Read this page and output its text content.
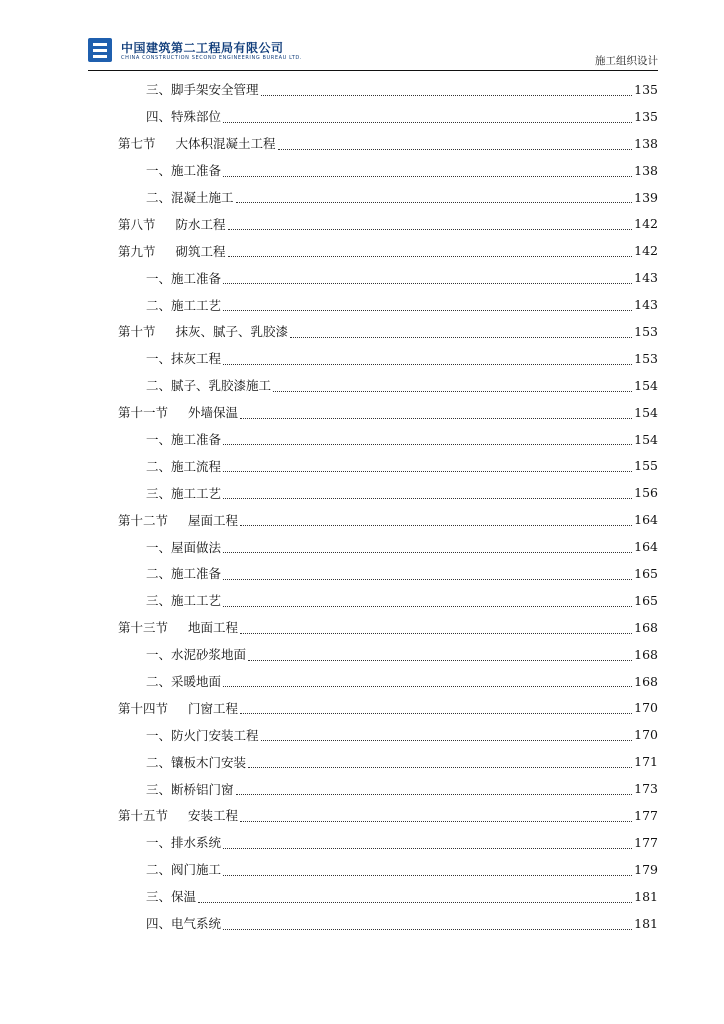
中国建筑第二工程局有限公司
CHINA CONSTRUCTION SECOND ENGINEERING BUREAU LTD.	施工组织设计
三、脚手架安全管理	135
四、特殊部位	135
第七节 大体积混凝土工程	138
一、施工准备	138
二、混凝土施工	139
第八节 防水工程	142
第九节 砌筑工程	142
一、施工准备	143
二、施工工艺	143
第十节 抹灰、腻子、乳胶漆	153
一、抹灰工程	153
二、腻子、乳胶漆施工	154
第十一节 外墙保温	154
一、施工准备	154
二、施工流程	155
三、施工工艺	156
第十二节 屋面工程	164
一、屋面做法	164
二、施工准备	165
三、施工工艺	165
第十三节 地面工程	168
一、水泥砂浆地面	168
二、采暖地面	168
第十四节 门窗工程	170
一、防火门安装工程	170
二、镶板木门安装	171
三、断桥铝门窗	173
第十五节 安装工程	177
一、排水系统	177
二、阀门施工	179
三、保温	181
四、电气系统	181
